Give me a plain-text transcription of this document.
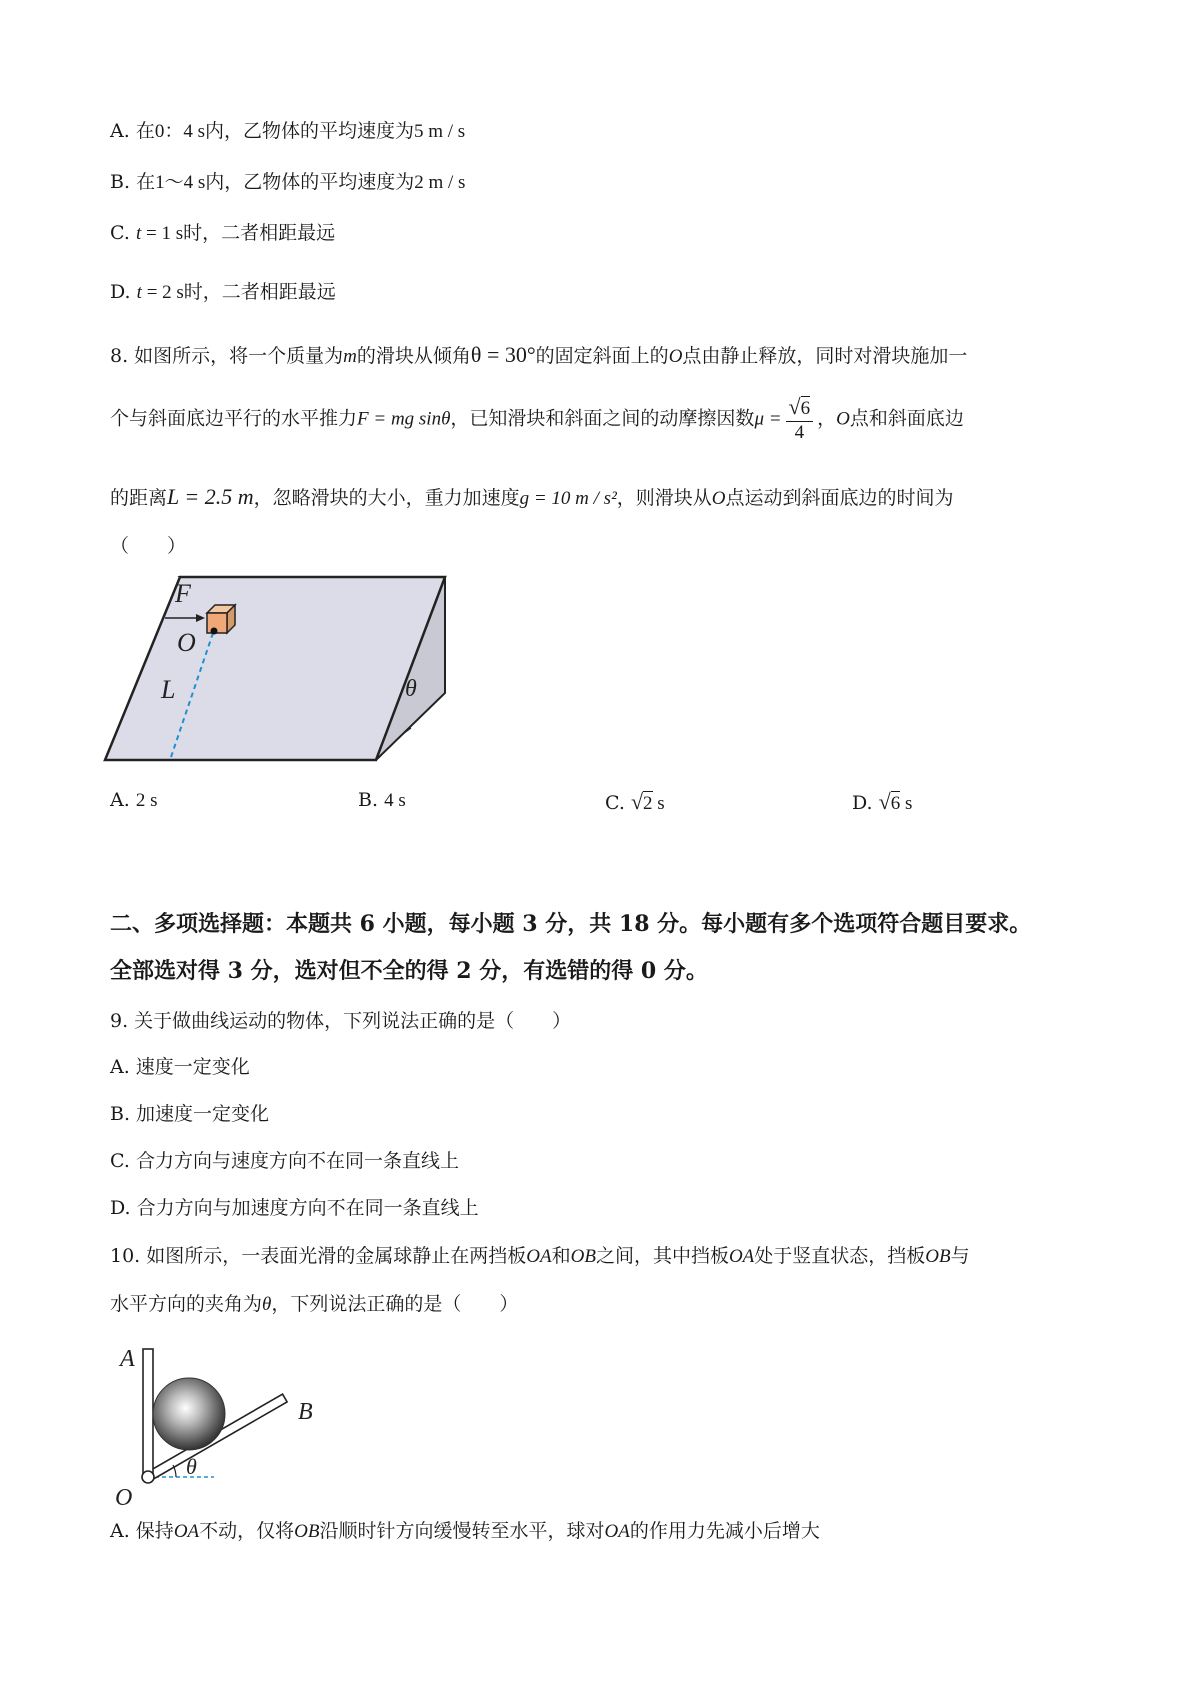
A. 在0：4 s内，乙物体的平均速度为5 m / s
B. 在1～4 s内，乙物体的平均速度为2 m / s
C. t = 1 s时，二者相距最远
D. t = 2 s时，二者相距最远
8. 如图所示，将一个质量为m的滑块从倾角θ = 30°的固定斜面上的O点由静止释放，同时对滑块施加一
个与斜面底边平行的水平推力F = mg sinθ，已知滑块和斜面之间的动摩擦因数$\mu = \frac{√6}{4}$ ，O点和斜面底边
的距离L = 2.5 m，忽略滑块的大小，重力加速度g = 10 m / s²，则滑块从O点运动到斜面底边的时间为
（　　）
F
O
L	θ
A. 2 s	B. 4 s	C. √2 s	D. √6 s
二、多项选择题：本题共 6 小题，每小题 3 分，共 18 分。每小题有多个选项符合题目要求。
全部选对得 3 分，选对但不全的得 2 分，有选错的得 0 分。
9. 关于做曲线运动的物体，下列说法正确的是（　　）
A. 速度一定变化
B. 加速度一定变化
C. 合力方向与速度方向不在同一条直线上
D. 合力方向与加速度方向不在同一条直线上
10. 如图所示，一表面光滑的金属球静止在两挡板OA和OB之间，其中挡板OA处于竖直状态，挡板OB与
水平方向的夹角为θ，下列说法正确的是（　　）
A
B
O
θ
A. 保持OA不动，仅将OB沿顺时针方向缓慢转至水平，球对OA的作用力先减小后增大
